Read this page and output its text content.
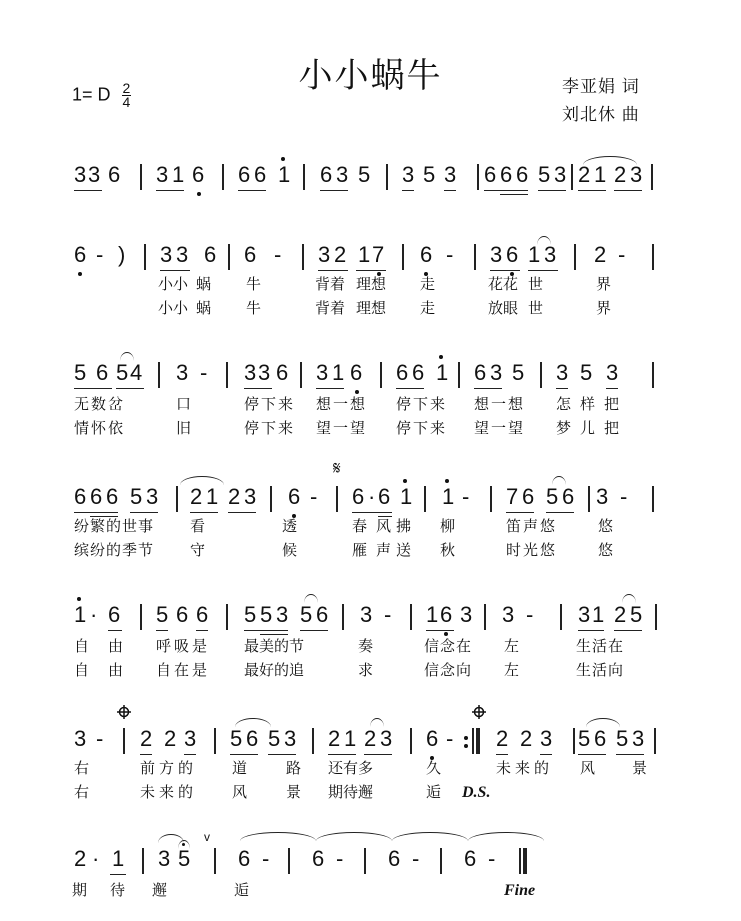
小小蜗牛
1= D $\frac{2}{4}$	李亚娟 词
刘北休 曲
3 3 6 3 1 6 6 6 1 6 3 5 3 5 3 6 6 6 5 3 2 1 2 3
6 - ) 3 3 6 6 - 3 2 1 7 6 - 3 6 1 3 2 -
小小 蜗 牛	背着 理想 走	花花 世	界
小小 蜗 牛	背着 理想 走	放眼 世	界
5 6 5 4 3 - 3 3 6 3 1 6 6 6 1 6 3 5 3 5 3
无数岔	口	停下来 想一想 停下来 想一想 怎样把
情怀依	旧	停下来 望一望 停下来 望一望 梦儿把
6 6 6 5 3 2 1 2 3 6 -
𝄋
6 · 6 1 1 - 7 6 5 6 3 -
纷繁的世事 看	透	春 风 拂 柳	笛声悠	悠
缤纷的季节 守	候	雁 声 送 秋	时光悠	悠
1 · 6 5 6 6 5 5 3 5 6 3 - 1 6 3 3 - 3 1 2 5
自 由 呼吸是 最美的节	奏	信念在 左	生活在
自 由 自在是 最好的追	求	信念向 左	生活向
3 - 2 2 3 5 6 5 3 2 1 2 3 6 - 2 2 3 5 6 5 3
右	前方的 道	路 还有多	久	未来的 风 景
右	未来的 风	景 期待邂	逅 D.S.
2 · 1 3 5
v
6 - 6 - 6 - 6 -
期 待 邂	逅	Fine
